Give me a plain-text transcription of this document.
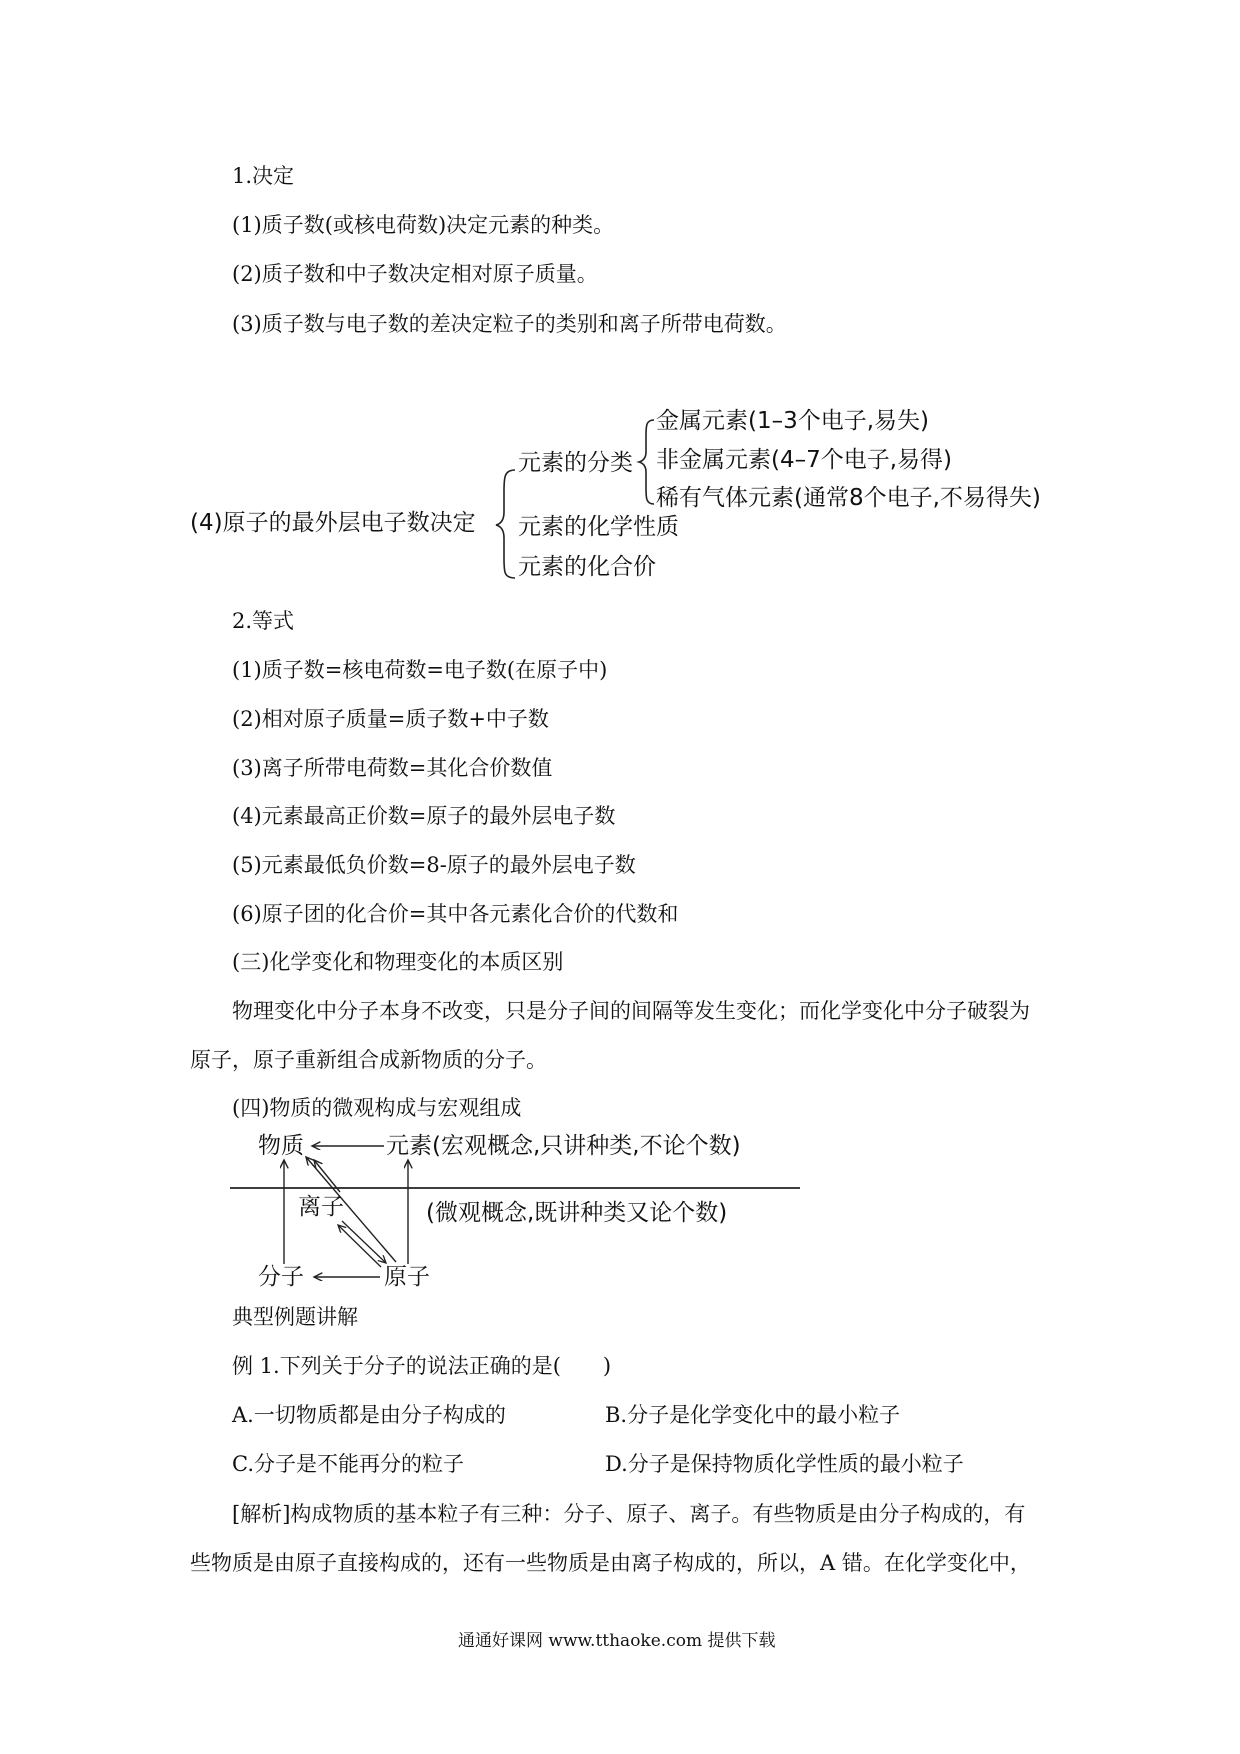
1.决定
(1)质子数(或核电荷数)决定元素的种类。
(2)质子数和中子数决定相对原子质量。
(3)质子数与电子数的差决定粒子的类别和离子所带电荷数。
(4)原子的最外层电子数决定
元素的分类
金属元素(1–3个电子,易失)
非金属元素(4–7个电子,易得)
稀有气体元素(通常8个电子,不易得失)
元素的化学性质
元素的化合价
2.等式
(1)质子数=核电荷数=电子数(在原子中)
(2)相对原子质量=质子数+中子数
(3)离子所带电荷数=其化合价数值
(4)元素最高正价数=原子的最外层电子数
(5)元素最低负价数=8-原子的最外层电子数
(6)原子团的化合价=其中各元素化合价的代数和
(三)化学变化和物理变化的本质区别
物理变化中分子本身不改变，只是分子间的间隔等发生变化；而化学变化中分子破裂为
原子，原子重新组合成新物质的分子。
(四)物质的微观构成与宏观组成
物质	元素(宏观概念,只讲种类,不论个数)
离子	(微观概念,既讲种类又论个数)
分子	原子
典型例题讲解
例 1.下列关于分子的说法正确的是(　　)
A.一切物质都是由分子构成的	B.分子是化学变化中的最小粒子
C.分子是不能再分的粒子	D.分子是保持物质化学性质的最小粒子
[解析]构成物质的基本粒子有三种：分子、原子、离子。有些物质是由分子构成的，有
些物质是由原子直接构成的，还有一些物质是由离子构成的，所以，A 错。在化学变化中，
通通好课网 www.tthaoke.com 提供下载
